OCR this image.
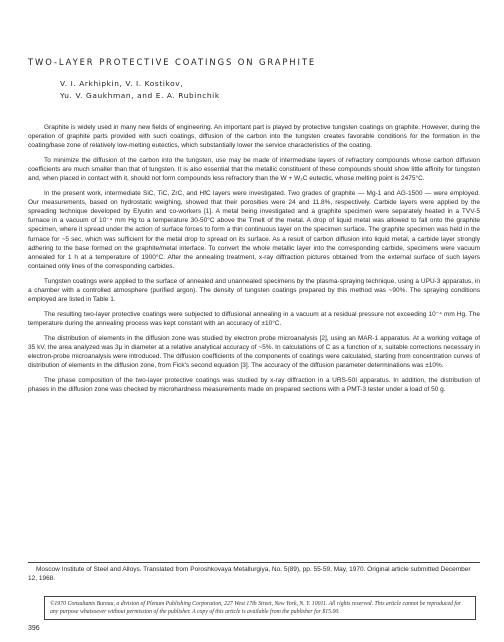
TWO-LAYER PROTECTIVE COATINGS ON GRAPHITE
V. I. Arkhipkin, V. I. Kostikov,
Yu. V. Gaukhman, and E. A. Rubinchik

Graphite is widely used in many new fields of engineering. An important part is played by protective tungsten coatings on graphite. However, during the operation of graphite parts provided with such coatings, diffusion of the carbon into the tungsten creates favorable conditions for the formation in the coating/base zone of relatively low-melting eutectics, which substantially lower the service characteristics of the coating.

To minimize the diffusion of the carbon into the tungsten, use may be made of intermediate layers of refractory compounds whose carbon diffusion coefficients are much smaller than that of tungsten. It is also essential that the metallic constituent of these compounds should show little affinity for tungsten and, when placed in contact with it, should not form compounds less refractory than the W + W₂C eutectic, whose melting point is 2475°C.

In the present work, intermediate SiC, TiC, ZrC, and HfC layers were investigated. Two grades of graphite — Mg-1 and AG-1500 — were employed. Our measurements, based on hydrostatic weighing, showed that their porosities were 24 and 11.8%, respectively. Carbide layers were applied by the spreading technique developed by Elyutin and co-workers [1]. A metal being investigated and a graphite specimen were separately heated in a TVV-5 furnace in a vacuum of 10⁻⁴ mm Hg to a temperature 30-50°C above the Tmelt of the metal. A drop of liquid metal was allowed to fall onto the graphite specimen, where it spread under the action of surface forces to form a thin continuous layer on the specimen surface. The graphite specimen was held in the furnace for ~5 sec, which was sufficient for the metal drop to spread on its surface. As a result of carbon diffusion into liquid metal, a carbide layer strongly adhering to the base formed on the graphite/metal interface. To convert the whole metallic layer into the corresponding carbide, specimens were vacuum annealed for 1 h at a temperature of 1900°C. After the annealing treatment, x-ray diffraction pictures obtained from the external surface of such layers contained only lines of the corresponding carbides.

Tungsten coatings were applied to the surface of annealed and unannealed specimens by the plasma-spraying technique, using a UPU-3 apparatus, in a chamber with a controlled atmosphere (purified argon). The density of tungsten coatings prepared by this method was ~90%. The spraying conditions employed are listed in Table 1.

The resulting two-layer protective coatings were subjected to diffusional annealing in a vacuum at a residual pressure not exceeding 10⁻⁴ mm Hg. The temperature during the annealing process was kept constant with an accuracy of ±10°C.

The distribution of elements in the diffusion zone was studied by electron probe microanalysis [2], using an MAR-1 apparatus. At a working voltage of 35 kV, the area analyzed was 3μ in diameter at a relative analytical accuracy of ~5%. In calculations of C as a function of x, suitable corrections necessary in electron-probe microanalysis were introduced. The diffusion coefficients of the components of coatings were calculated, starting from concentration curves of distribution of elements in the diffusion zone, from Fick's second equation [3]. The accuracy of the diffusion parameter determinations was ±10%.

The phase composition of the two-layer protective coatings was studied by x-ray diffraction in a URS-50I apparatus. In addition, the distribution of phases in the diffusion zone was checked by microhardness measurements made on prepared sections with a PMT-3 tester under a load of 50 g.

Moscow Institute of Steel and Alloys. Translated from Poroshkovaya Metallurgiya, No. 5(89), pp. 55-59, May, 1970. Original article submitted December 12, 1968.
©1970 Consultants Bureau, a division of Plenum Publishing Corporation, 227 West 17th Street, New York, N. Y. 10011. All rights reserved. This article cannot be reproduced for any purpose whatsoever without permission of the publisher. A copy of this article is available from the publisher for $15.00.
396
